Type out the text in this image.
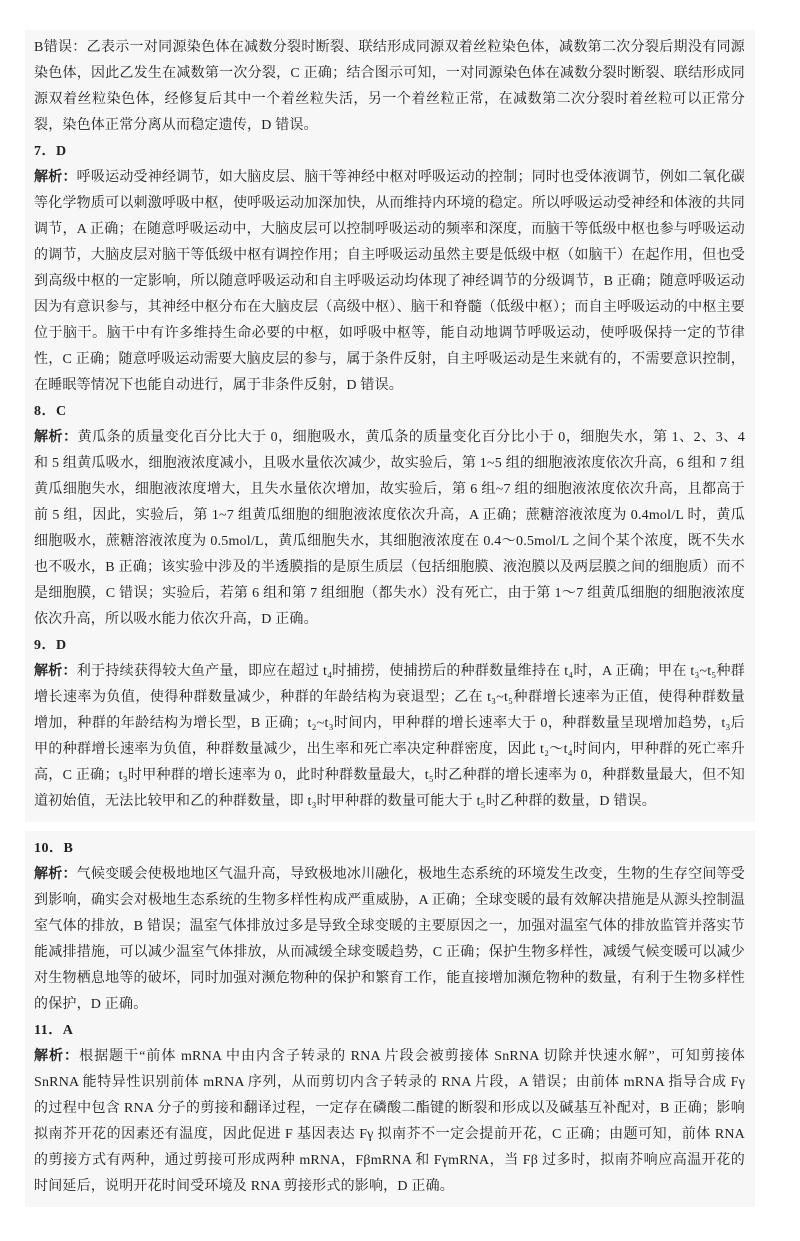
B错误：乙表示一对同源染色体在减数分裂时断裂、联结形成同源双着丝粒染色体，减数第二次分裂后期没有同源染色体，因此乙发生在减数第一次分裂，C 正确；结合图示可知，一对同源染色体在减数分裂时断裂、联结形成同源双着丝粒染色体，经修复后其中一个着丝粒失活，另一个着丝粒正常，在减数第二次分裂时着丝粒可以正常分裂，染色体正常分离从而稳定遗传，D 错误。

7．D

解析：呼吸运动受神经调节，如大脑皮层、脑干等神经中枢对呼吸运动的控制；同时也受体液调节，例如二氧化碳等化学物质可以刺激呼吸中枢，使呼吸运动加深加快，从而维持内环境的稳定。所以呼吸运动受神经和体液的共同调节，A 正确；在随意呼吸运动中，大脑皮层可以控制呼吸运动的频率和深度，而脑干等低级中枢也参与呼吸运动的调节，大脑皮层对脑干等低级中枢有调控作用；自主呼吸运动虽然主要是低级中枢（如脑干）在起作用，但也受到高级中枢的一定影响，所以随意呼吸运动和自主呼吸运动均体现了神经调节的分级调节，B 正确；随意呼吸运动因为有意识参与，其神经中枢分布在大脑皮层（高级中枢）、脑干和脊髓（低级中枢）；而自主呼吸运动的中枢主要位于脑干。脑干中有许多维持生命必要的中枢，如呼吸中枢等，能自动地调节呼吸运动，使呼吸保持一定的节律性，C 正确；随意呼吸运动需要大脑皮层的参与，属于条件反射，自主呼吸运动是生来就有的，不需要意识控制，在睡眠等情况下也能自动进行，属于非条件反射，D 错误。

8．C

解析：黄瓜条的质量变化百分比大于 0，细胞吸水，黄瓜条的质量变化百分比小于 0，细胞失水，第 1、2、3、4 和 5 组黄瓜吸水，细胞液浓度减小，且吸水量依次减少，故实验后，第 1~5 组的细胞液浓度依次升高，6 组和 7 组黄瓜细胞失水，细胞液浓度增大，且失水量依次增加，故实验后，第 6 组~7 组的细胞液浓度依次升高，且都高于前 5 组，因此，实验后，第 1~7 组黄瓜细胞的细胞液浓度依次升高，A 正确；蔗糖溶液浓度为 0.4mol/L 时，黄瓜细胞吸水，蔗糖溶液浓度为 0.5mol/L，黄瓜细胞失水，其细胞液浓度在 0.4～0.5mol/L 之间个某个浓度，既不失水也不吸水，B 正确；该实验中涉及的半透膜指的是原生质层（包括细胞膜、液泡膜以及两层膜之间的细胞质）而不是细胞膜，C 错误；实验后，若第 6 组和第 7 组细胞（都失水）没有死亡，由于第 1～7 组黄瓜细胞的细胞液浓度依次升高，所以吸水能力依次升高，D 正确。

9．D

解析：利于持续获得较大鱼产量，即应在超过 t₄时捕捞，使捕捞后的种群数量维持在 t₄时，A 正确；甲在 t₃~t₅种群增长速率为负值，使得种群数量减少，种群的年龄结构为衰退型；乙在 t₃~t₅种群增长速率为正值，使得种群数量增加，种群的年龄结构为增长型，B 正确；t₂~t₃时间内，甲种群的增长速率大于 0，种群数量呈现增加趋势，t₃后甲的种群增长速率为负值，种群数量减少，出生率和死亡率决定种群密度，因此 t₂～t₄时间内，甲种群的死亡率升高，C 正确；t₃时甲种群的增长速率为 0，此时种群数量最大，t₅时乙种群的增长速率为 0，种群数量最大，但不知道初始值，无法比较甲和乙的种群数量，即 t₃时甲种群的数量可能大于 t₅时乙种群的数量，D 错误。

10．B

解析：气候变暖会使极地地区气温升高，导致极地冰川融化，极地生态系统的环境发生改变，生物的生存空间等受到影响，确实会对极地生态系统的生物多样性构成严重威胁，A 正确；全球变暖的最有效解决措施是从源头控制温室气体的排放，B 错误；温室气体排放过多是导致全球变暖的主要原因之一，加强对温室气体的排放监管并落实节能减排措施，可以减少温室气体排放，从而减缓全球变暖趋势，C 正确；保护生物多样性，减缓气候变暖可以减少对生物栖息地等的破坏，同时加强对濒危物种的保护和繁育工作，能直接增加濒危物种的数量，有利于生物多样性的保护，D 正确。

11．A

解析：根据题干“前体 mRNA 中由内含子转录的 RNA 片段会被剪接体 SnRNA 切除并快速水解”，可知剪接体 SnRNA 能特异性识别前体 mRNA 序列，从而剪切内含子转录的 RNA 片段，A 错误；由前体 mRNA 指导合成 Fγ 的过程中包含 RNA 分子的剪接和翻译过程，一定存在磷酸二酯键的断裂和形成以及碱基互补配对，B 正确；影响拟南芥开花的因素还有温度，因此促进 F 基因表达 Fγ 拟南芥不一定会提前开花，C 正确；由题可知，前体 RNA 的剪接方式有两种，通过剪接可形成两种 mRNA，FβmRNA 和 FγmRNA，当 Fβ 过多时，拟南芥响应高温开花的时间延后，说明开花时间受环境及 RNA 剪接形式的影响，D 正确。
